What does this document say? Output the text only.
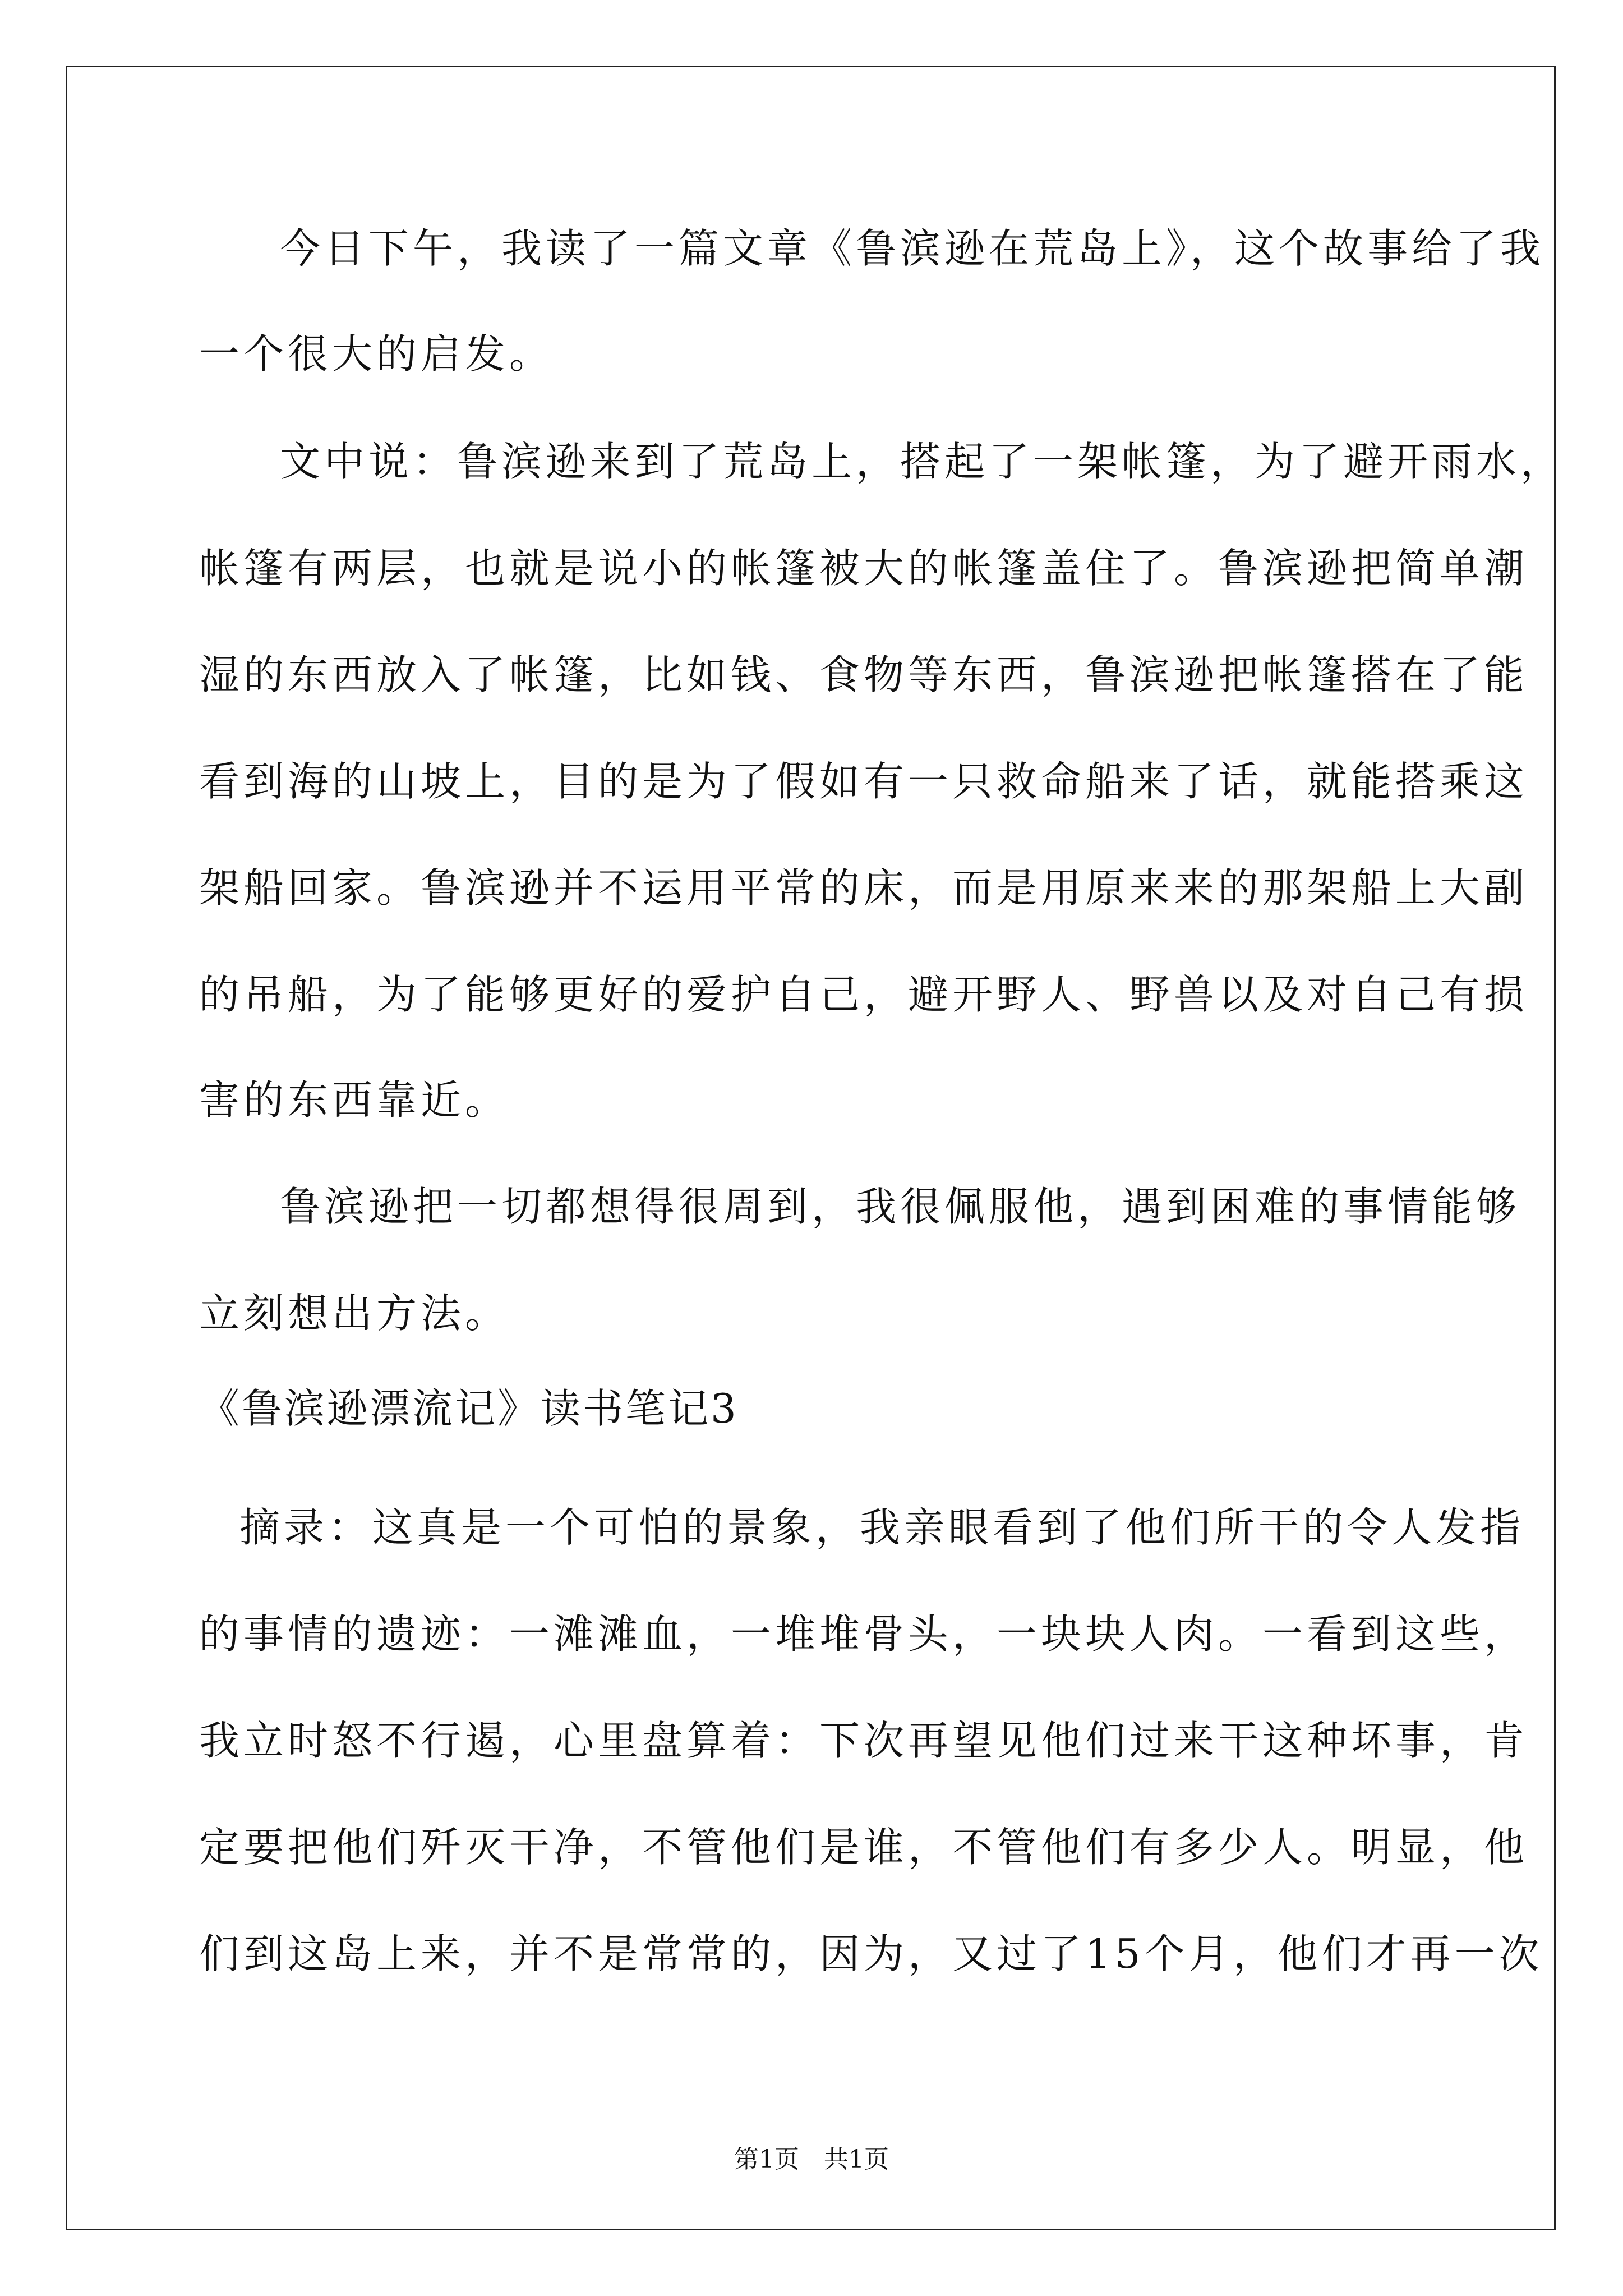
今日下午，我读了一篇文章《鲁滨逊在荒岛上》，这个故事给了我
一个很大的启发。
文中说：鲁滨逊来到了荒岛上，搭起了一架帐篷，为了避开雨水，
帐篷有两层，也就是说小的帐篷被大的帐篷盖住了。鲁滨逊把简单潮
湿的东西放入了帐篷，比如钱、食物等东西，鲁滨逊把帐篷搭在了能
看到海的山坡上，目的是为了假如有一只救命船来了话，就能搭乘这
架船回家。鲁滨逊并不运用平常的床，而是用原来来的那架船上大副
的吊船，为了能够更好的爱护自己，避开野人、野兽以及对自己有损
害的东西靠近。
鲁滨逊把一切都想得很周到，我很佩服他，遇到困难的事情能够
立刻想出方法。
《鲁滨逊漂流记》读书笔记3
摘录：这真是一个可怕的景象，我亲眼看到了他们所干的令人发指
的事情的遗迹：一滩滩血，一堆堆骨头，一块块人肉。一看到这些，
我立时怒不行遏，心里盘算着：下次再望见他们过来干这种坏事，肯
定要把他们歼灭干净，不管他们是谁，不管他们有多少人。明显，他
们到这岛上来，并不是常常的，因为，又过了15个月，他们才再一次
第1页　共1页
